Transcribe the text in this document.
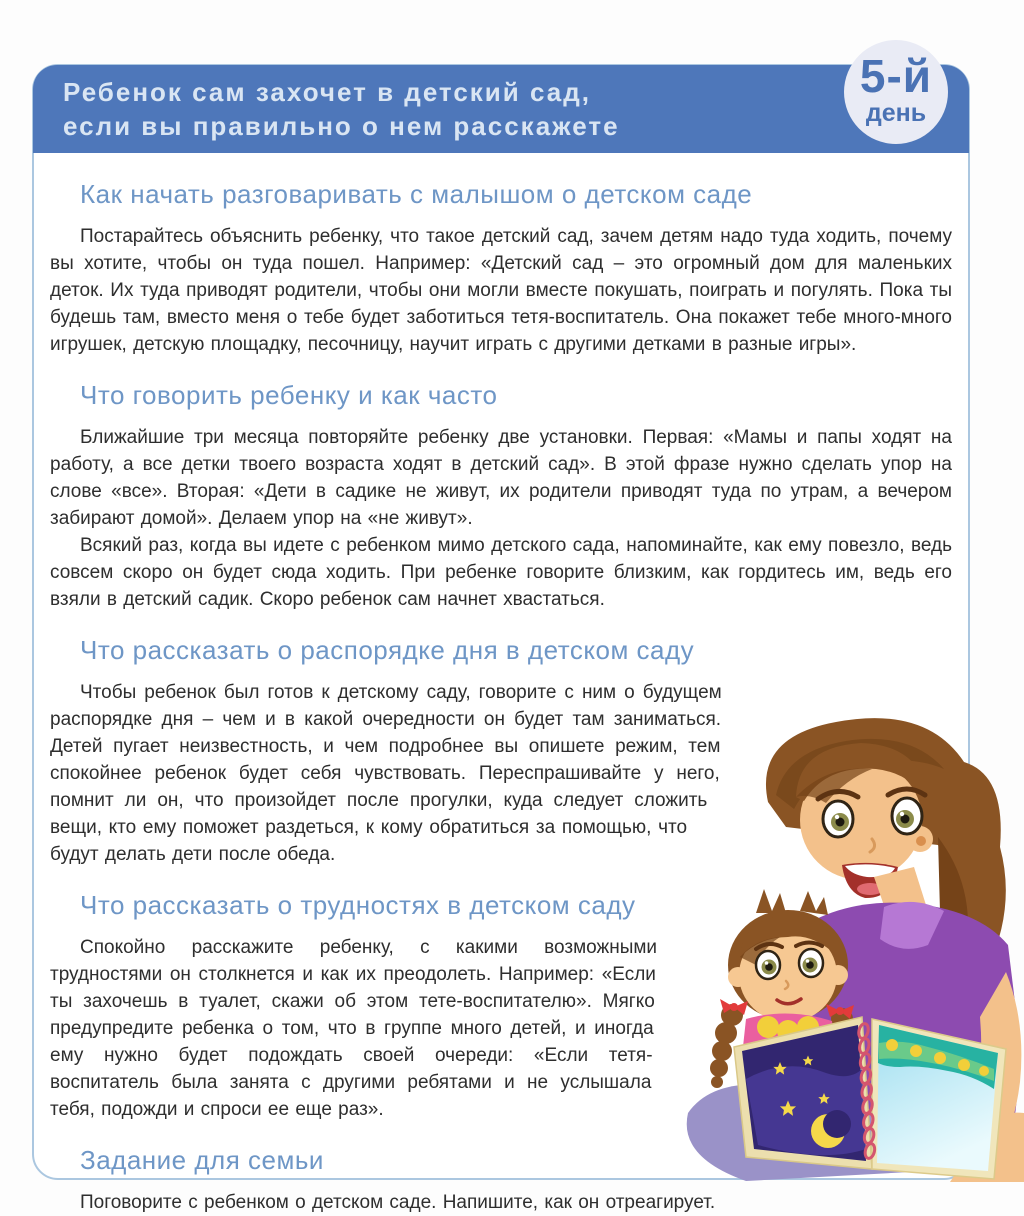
Ребенок сам захочет в детский сад,
если вы правильно о нем расскажете
5-й
день
Как начать разговаривать с малышом о детском саде

Постарайтесь объяснить ребенку, что такое детский сад, зачем детям надо туда ходить, почему вы хотите, чтобы он туда пошел. Например: «Детский сад – это огромный дом для маленьких деток. Их туда приводят родители, чтобы они могли вместе покушать, поиграть и погулять. Пока ты будешь там, вместо меня о тебе будет заботиться тетя-воспитатель. Она покажет тебе много-много игрушек, детскую площадку, песочницу, научит играть с другими детками в разные игры».

Что говорить ребенку и как часто

Ближайшие три месяца повторяйте ребенку две установки. Первая: «Мамы и папы ходят на работу, а все детки твоего возраста ходят в детский сад». В этой фразе нужно сделать упор на слове «все». Вторая: «Дети в садике не живут, их родители приводят туда по утрам, а вечером забирают домой». Делаем упор на «не живут».

Всякий раз, когда вы идете с ребенком мимо детского сада, напоминайте, как ему повезло, ведь совсем скоро он будет сюда ходить. При ребенке говорите близким, как гордитесь им, ведь его взяли в детский садик. Скоро ребенок сам начнет хвастаться.

Что рассказать о распорядке дня в детском саду

Чтобы ребенок был готов к детскому саду, говорите с ним о будущем распорядке дня – чем и в какой очередности он будет там заниматься. Детей пугает неизвестность, и чем подробнее вы опишете режим, тем спокойнее ребенок будет себя чувствовать. Переспрашивайте у него, помнит ли он, что произойдет после прогулки, куда следует сложить вещи, кто ему поможет раздеться, к кому обратиться за помощью, что будут делать дети после обеда.

Что рассказать о трудностях в детском саду

Спокойно расскажите ребенку, с какими возможными трудностями он столкнется и как их преодолеть. Например: «Если ты захочешь в туалет, скажи об этом тете-воспитателю». Мягко предупредите ребенка о том, что в группе много детей, и иногда ему нужно будет подождать своей очереди: «Если тетя-воспитатель была занята с другими ребятами и не услышала тебя, подожди и спроси ее еще раз».

Задание для семьи

Поговорите с ребенком о детском саде. Напишите, как он отреагирует.
